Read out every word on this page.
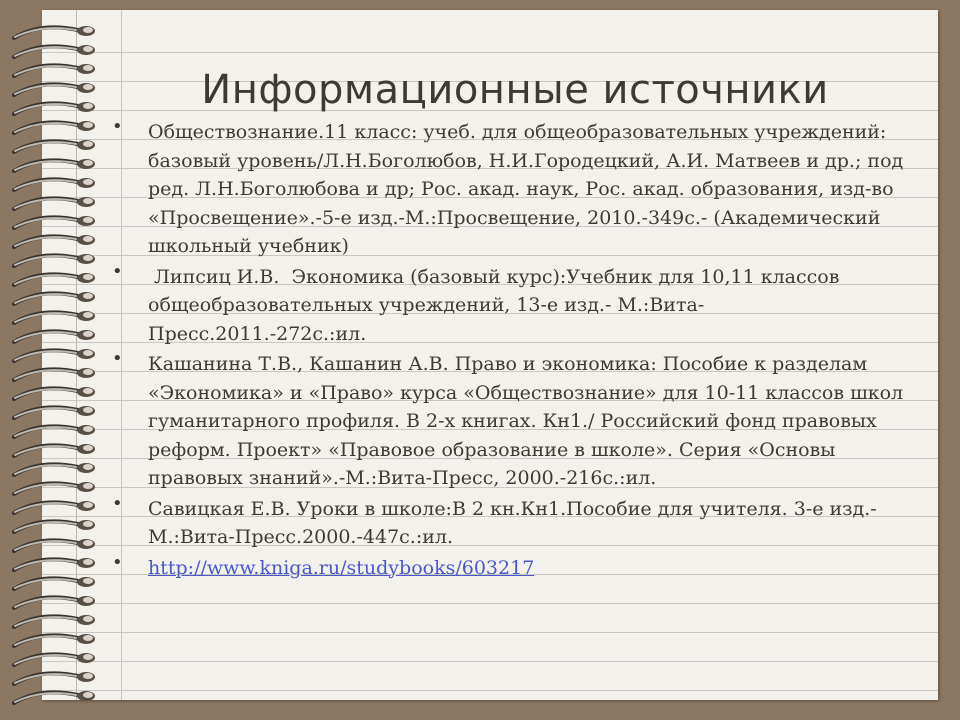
Информационные источники
• Обществознание.11 класс: учеб. для общеобразовательных учреждений: базовый уровень/Л.Н.Боголюбов, Н.И.Городецкий, А.И. Матвеев и др.; под ред. Л.Н.Боголюбова и др; Рос. акад. наук, Рос. акад. образования, изд-во «Просвещение».-5-е изд.-М.:Просвещение, 2010.-349с.- (Академический школьный учебник)
• Липсиц И.В.  Экономика (базовый курс):Учебник для 10,11 классов общеобразовательных учреждений, 13-е изд.- М.:Вита-Пресс.2011.-272с.:ил.
• Кашанина Т.В., Кашанин А.В. Право и экономика: Пособие к разделам «Экономика» и «Право» курса «Обществознание» для 10-11 классов школ гуманитарного профиля. В 2-х книгах. Кн1./ Российский фонд правовых реформ. Проект» «Правовое образование в школе». Серия «Основы правовых знаний».-М.:Вита-Пресс, 2000.-216с.:ил.
• Савицкая Е.В. Уроки в школе:В 2 кн.Кн1.Пособие для учителя. 3-е изд.-М.:Вита-Пресс.2000.-447с.:ил.
• http://www.kniga.ru/studybooks/603217
